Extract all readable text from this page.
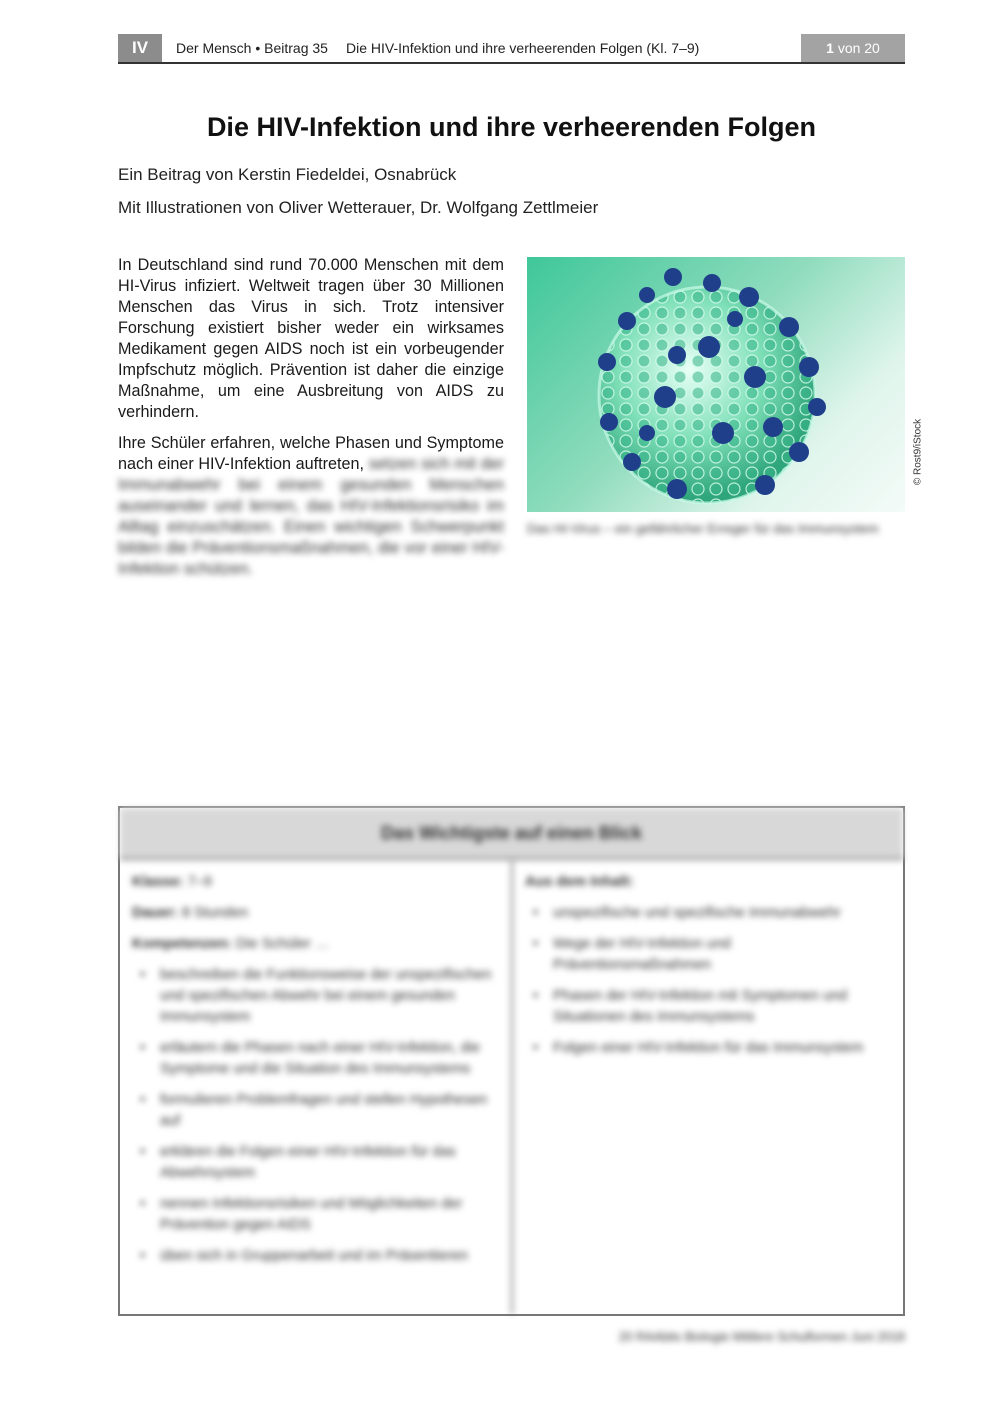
IV	Der Mensch • Beitrag 35 Die HIV-Infektion und ihre verheerenden Folgen (Kl. 7–9)	1 von 20
Die HIV-Infektion und ihre verheerenden Folgen

Ein Beitrag von Kerstin Fiedeldei, Osnabrück

Mit Illustrationen von Oliver Wetterauer, Dr. Wolfgang Zettlmeier

In Deutschland sind rund 70.000 Menschen mit dem HI-Virus infiziert. Weltweit tragen über 30 Millionen Menschen das Virus in sich. Trotz intensiver Forschung existiert bisher weder ein wirksames Medikament gegen AIDS noch ist ein vorbeugender Impfschutz möglich. Prävention ist daher die einzige Maßnahme, um eine Ausbreitung von AIDS zu verhindern.

Ihre Schüler erfahren, welche Phasen und Symptome nach einer HIV-Infektion auftreten, setzen sich mit der Immunabwehr bei einem gesunden Menschen auseinander und lernen, das HIV-Infektionsrisiko im Alltag einzuschätzen. Einen wichtigen Schwerpunkt bilden die Präventionsmaßnahmen, die vor einer HIV-Infektion schützen.

© Rost9/iStock
Das HI-Virus – ein gefährlicher Erreger für das Immunsystem
Das Wichtigste auf einen Blick

Klasse: 7–9

Dauer: 8 Stunden

Kompetenzen: Die Schüler …

• beschreiben die Funktionsweise der unspezifischen und spezifischen Abwehr bei einem gesunden Immunsystem
• erläutern die Phasen nach einer HIV-Infektion, die Symptome und die Situation des Immunsystems
• formulieren Problemfragen und stellen Hypothesen auf
• erklären die Folgen einer HIV-Infektion für das Abwehrsystem
• nennen Infektionsrisiken und Möglichkeiten der Prävention gegen AIDS
• üben sich in Gruppenarbeit und im Präsentieren

Aus dem Inhalt:

• unspezifische und spezifische Immunabwehr
• Wege der HIV-Infektion und Präventionsmaßnahmen
• Phasen der HIV-Infektion mit Symptomen und Situationen des Immunsystems
• Folgen einer HIV-Infektion für das Immunsystem
20 RAAbits Biologie Mittlere Schulformen Juni 2018
